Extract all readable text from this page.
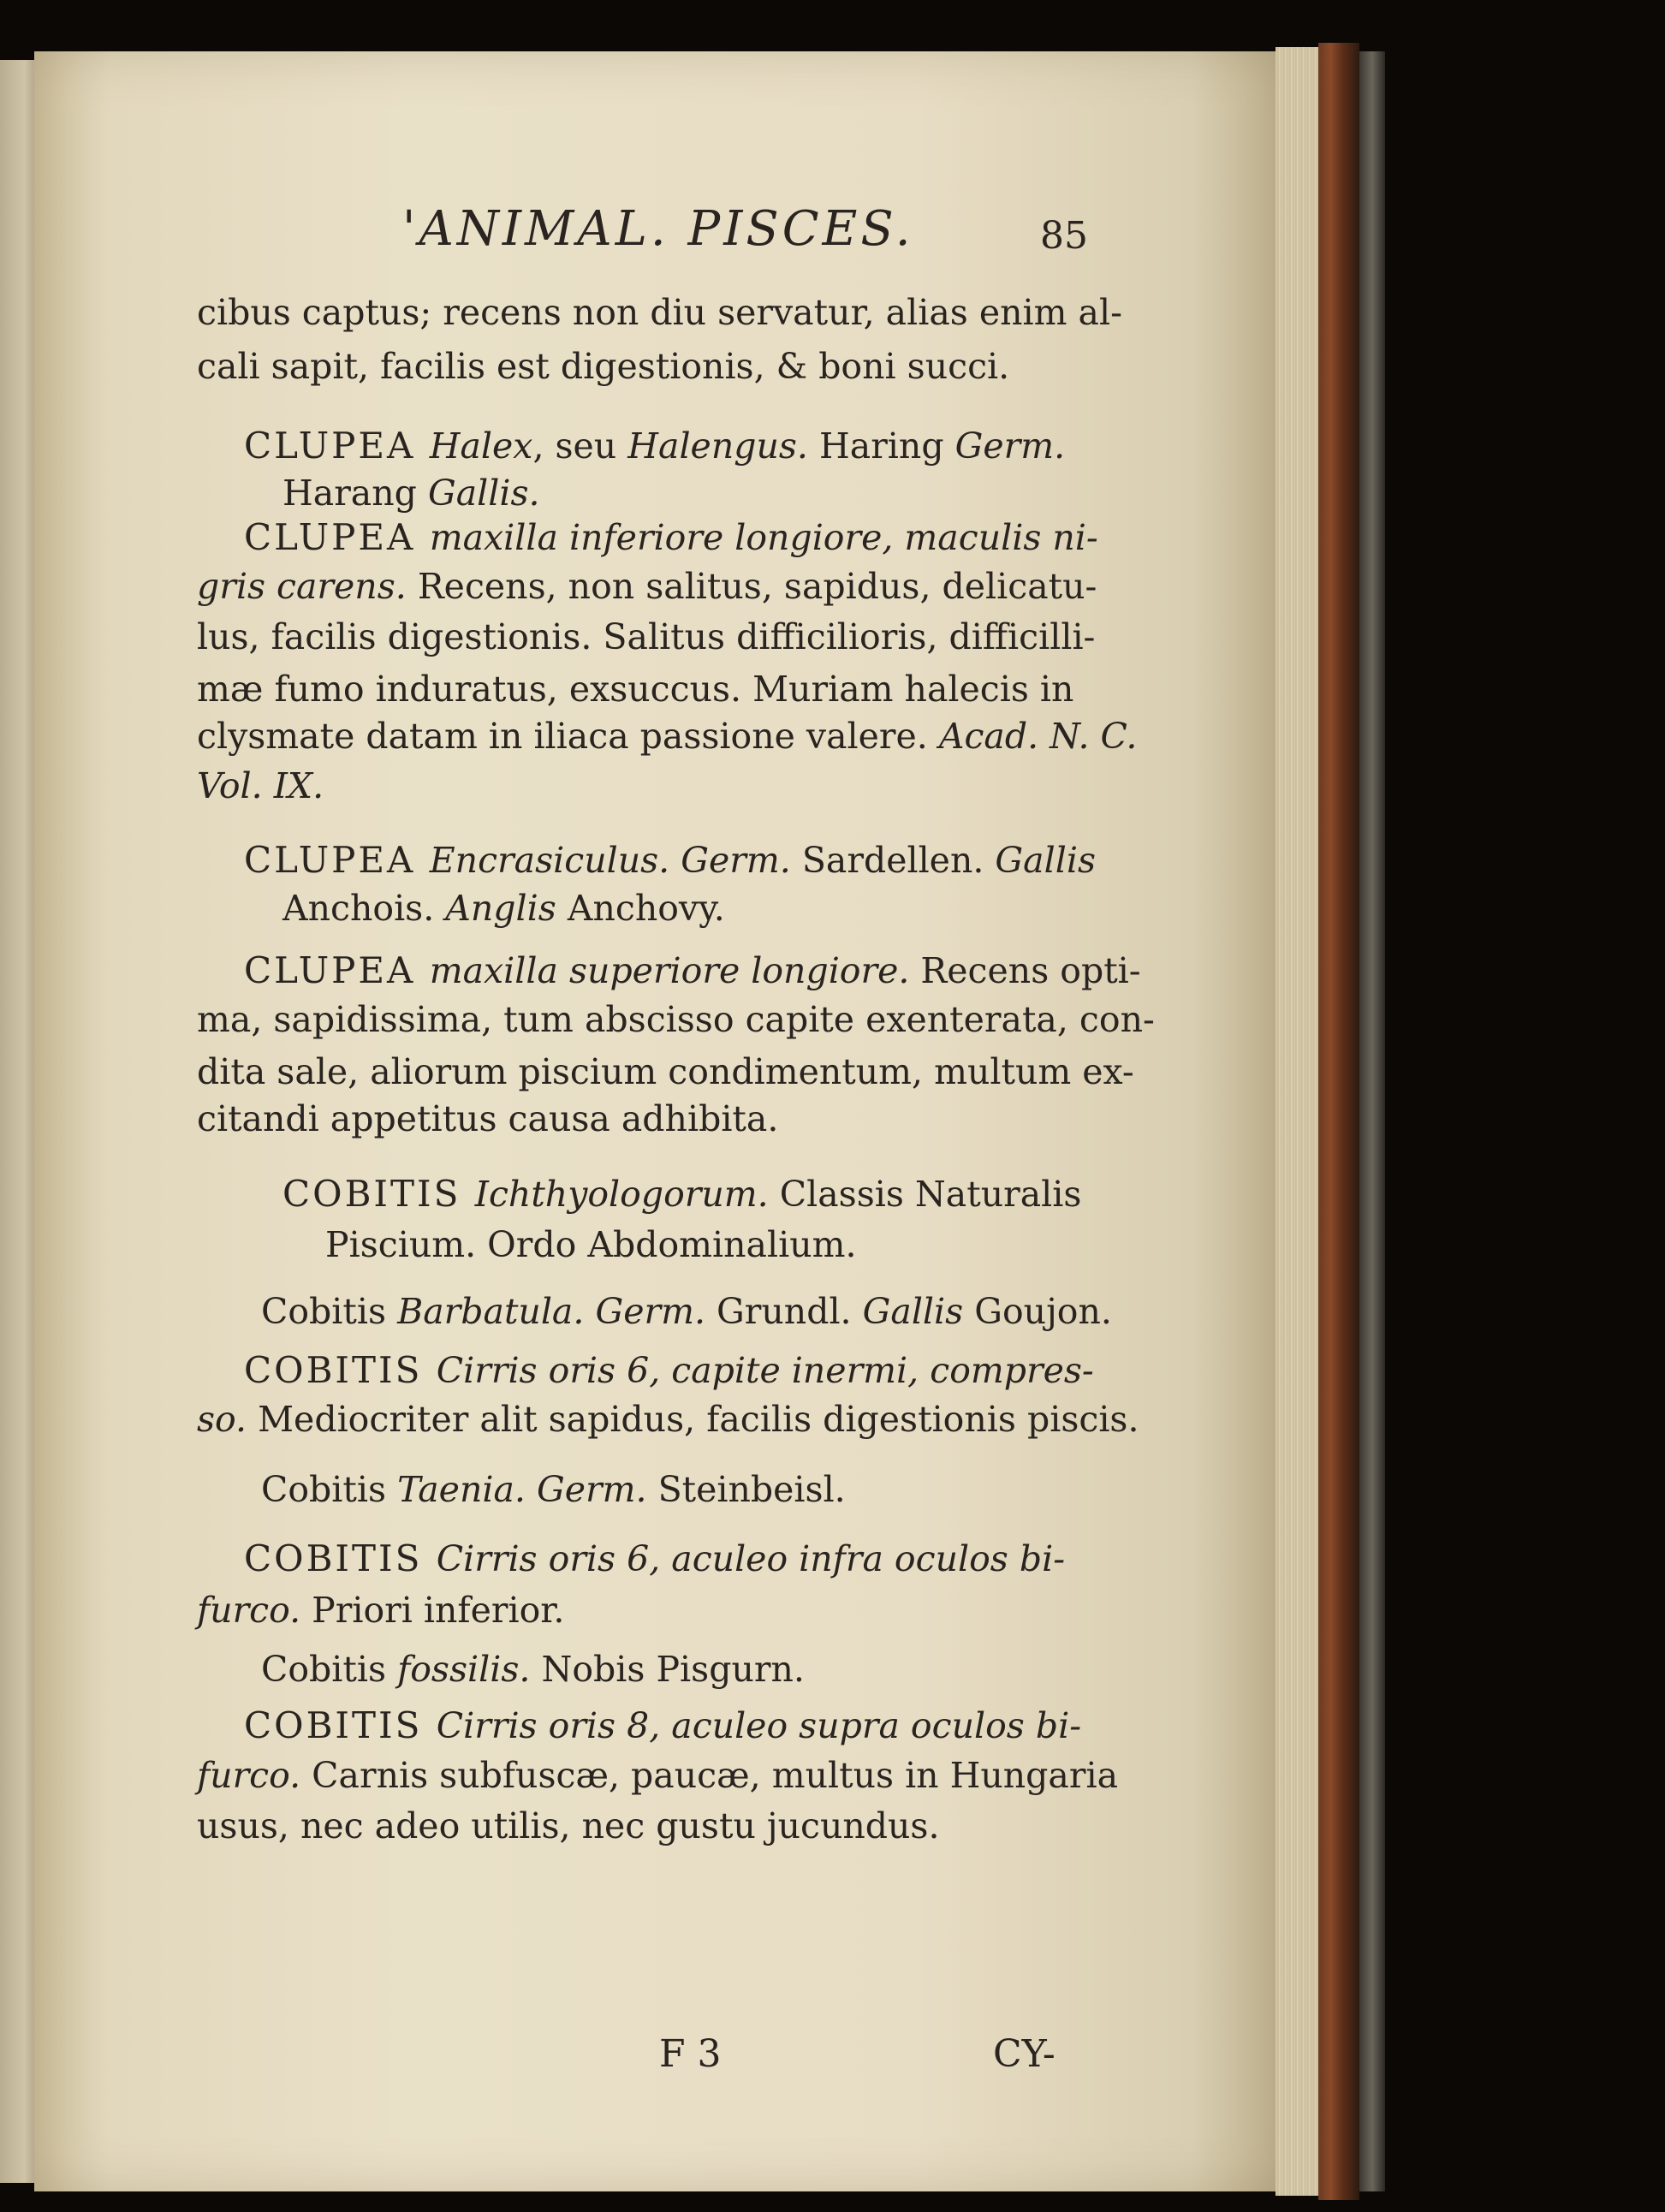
'ANIMAL. PISCES.	85
cibus captus; recens non diu servatur, alias enim al-
cali sapit, facilis est digestionis, & boni succi.
CLUPEA Halex, seu Halengus. Haring Germ.
Harang Gallis.
CLUPEA maxilla inferiore longiore, maculis ni-
gris carens. Recens, non salitus, sapidus, delicatu-
lus, facilis digestionis. Salitus difficilioris, difficilli-
mæ fumo induratus, exsuccus. Muriam halecis in
clysmate datam in iliaca passione valere. Acad. N. C.
Vol. IX.
CLUPEA Encrasiculus. Germ. Sardellen. Gallis
Anchois. Anglis Anchovy.
CLUPEA maxilla superiore longiore. Recens opti-
ma, sapidissima, tum abscisso capite exenterata, con-
dita sale, aliorum piscium condimentum, multum ex-
citandi appetitus causa adhibita.
COBITIS Ichthyologorum. Classis Naturalis
Piscium. Ordo Abdominalium.
Cobitis Barbatula. Germ. Grundl. Gallis Goujon.
COBITIS Cirris oris 6, capite inermi, compres-
so. Mediocriter alit sapidus, facilis digestionis piscis.
Cobitis Taenia. Germ. Steinbeisl.
COBITIS Cirris oris 6, aculeo infra oculos bi-
furco. Priori inferior.
Cobitis fossilis. Nobis Pisgurn.
COBITIS Cirris oris 8, aculeo supra oculos bi-
furco. Carnis subfuscæ, paucæ, multus in Hungaria
usus, nec adeo utilis, nec gustu jucundus.
F 3	CY-
